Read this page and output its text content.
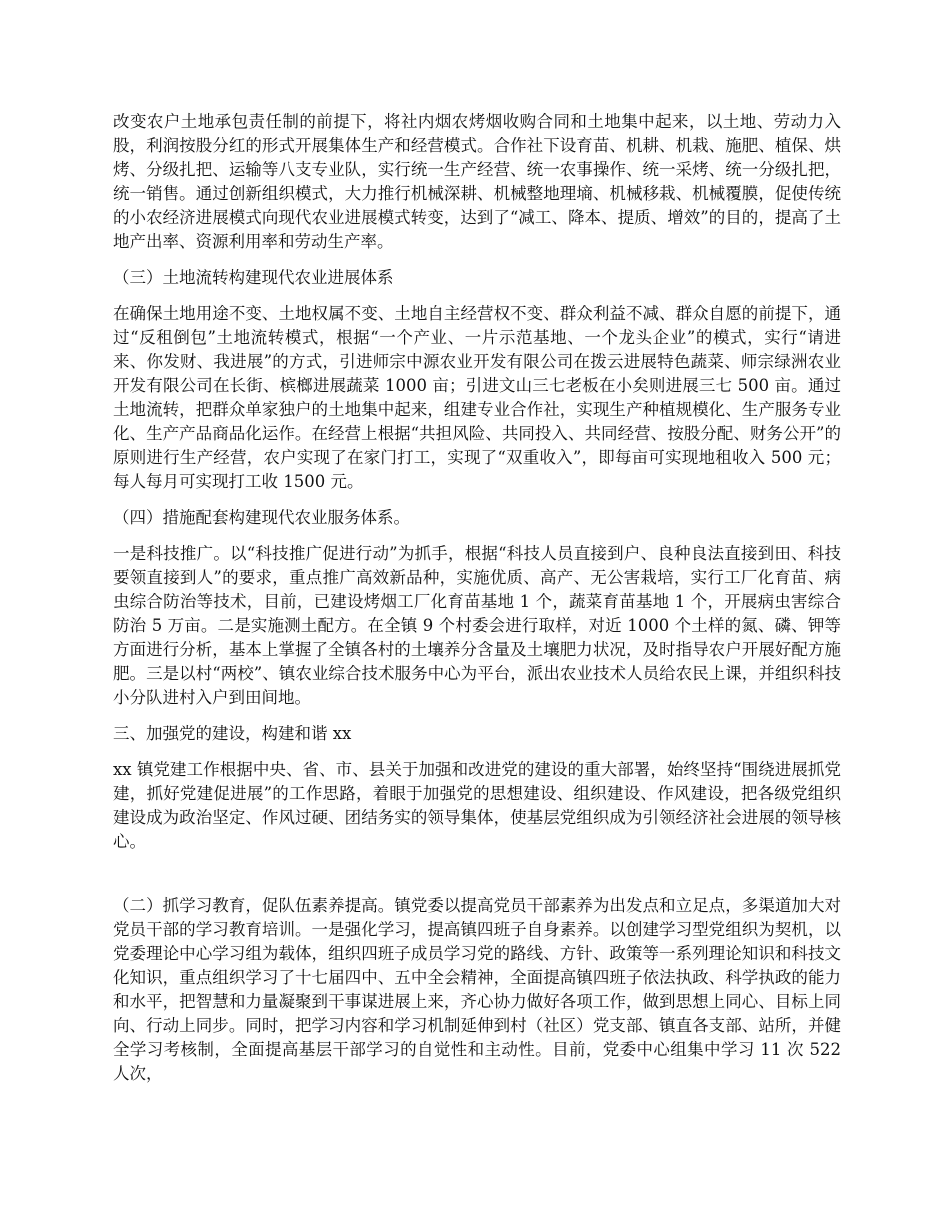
改变农户土地承包责任制的前提下，将社内烟农烤烟收购合同和土地集中起来，以土地、劳动力入股，利润按股分红的形式开展集体生产和经营模式。合作社下设育苗、机耕、机栽、施肥、植保、烘烤、分级扎把、运输等八支专业队，实行统一生产经营、统一农事操作、统一采烤、统一分级扎把，统一销售。通过创新组织模式，大力推行机械深耕、机械整地理墒、机械移栽、机械覆膜，促使传统的小农经济进展模式向现代农业进展模式转变，达到了“减工、降本、提质、增效”的目的，提高了土地产出率、资源利用率和劳动生产率。

（三）土地流转构建现代农业进展体系

在确保土地用途不变、土地权属不变、土地自主经营权不变、群众利益不减、群众自愿的前提下，通过“反租倒包”土地流转模式，根据“一个产业、一片示范基地、一个龙头企业”的模式，实行“请进来、你发财、我进展”的方式，引进师宗中源农业开发有限公司在拨云进展特色蔬菜、师宗绿洲农业开发有限公司在长街、槟榔进展蔬菜 1000 亩；引进文山三七老板在小矣则进展三七 500 亩。通过土地流转，把群众单家独户的土地集中起来，组建专业合作社，实现生产种植规模化、生产服务专业化、生产产品商品化运作。在经营上根据“共担风险、共同投入、共同经营、按股分配、财务公开”的原则进行生产经营，农户实现了在家门打工，实现了“双重收入”，即每亩可实现地租收入 500 元；每人每月可实现打工收 1500 元。

（四）措施配套构建现代农业服务体系。

一是科技推广。以“科技推广促进行动”为抓手，根据“科技人员直接到户、良种良法直接到田、科技要领直接到人”的要求，重点推广高效新品种，实施优质、高产、无公害栽培，实行工厂化育苗、病虫综合防治等技术，目前，已建设烤烟工厂化育苗基地 1 个，蔬菜育苗基地 1 个，开展病虫害综合防治 5 万亩。二是实施测土配方。在全镇 9 个村委会进行取样，对近 1000 个土样的氮、磷、钾等方面进行分析，基本上掌握了全镇各村的土壤养分含量及土壤肥力状况，及时指导农户开展好配方施肥。三是以村“两校”、镇农业综合技术服务中心为平台，派出农业技术人员给农民上课，并组织科技小分队进村入户到田间地。

三、加强党的建设，构建和谐 xx

xx 镇党建工作根据中央、省、市、县关于加强和改进党的建设的重大部署，始终坚持“围绕进展抓党建，抓好党建促进展”的工作思路，着眼于加强党的思想建设、组织建设、作风建设，把各级党组织建设成为政治坚定、作风过硬、团结务实的领导集体，使基层党组织成为引领经济社会进展的领导核心。

（二）抓学习教育，促队伍素养提高。镇党委以提高党员干部素养为出发点和立足点，多渠道加大对党员干部的学习教育培训。一是强化学习，提高镇四班子自身素养。以创建学习型党组织为契机，以党委理论中心学习组为载体，组织四班子成员学习党的路线、方针、政策等一系列理论知识和科技文化知识，重点组织学习了十七届四中、五中全会精神，全面提高镇四班子依法执政、科学执政的能力和水平，把智慧和力量凝聚到干事谋进展上来，齐心协力做好各项工作，做到思想上同心、目标上同向、行动上同步。同时，把学习内容和学习机制延伸到村（社区）党支部、镇直各支部、站所，并健全学习考核制，全面提高基层干部学习的自觉性和主动性。目前，党委中心组集中学习 11 次 522 人次，
